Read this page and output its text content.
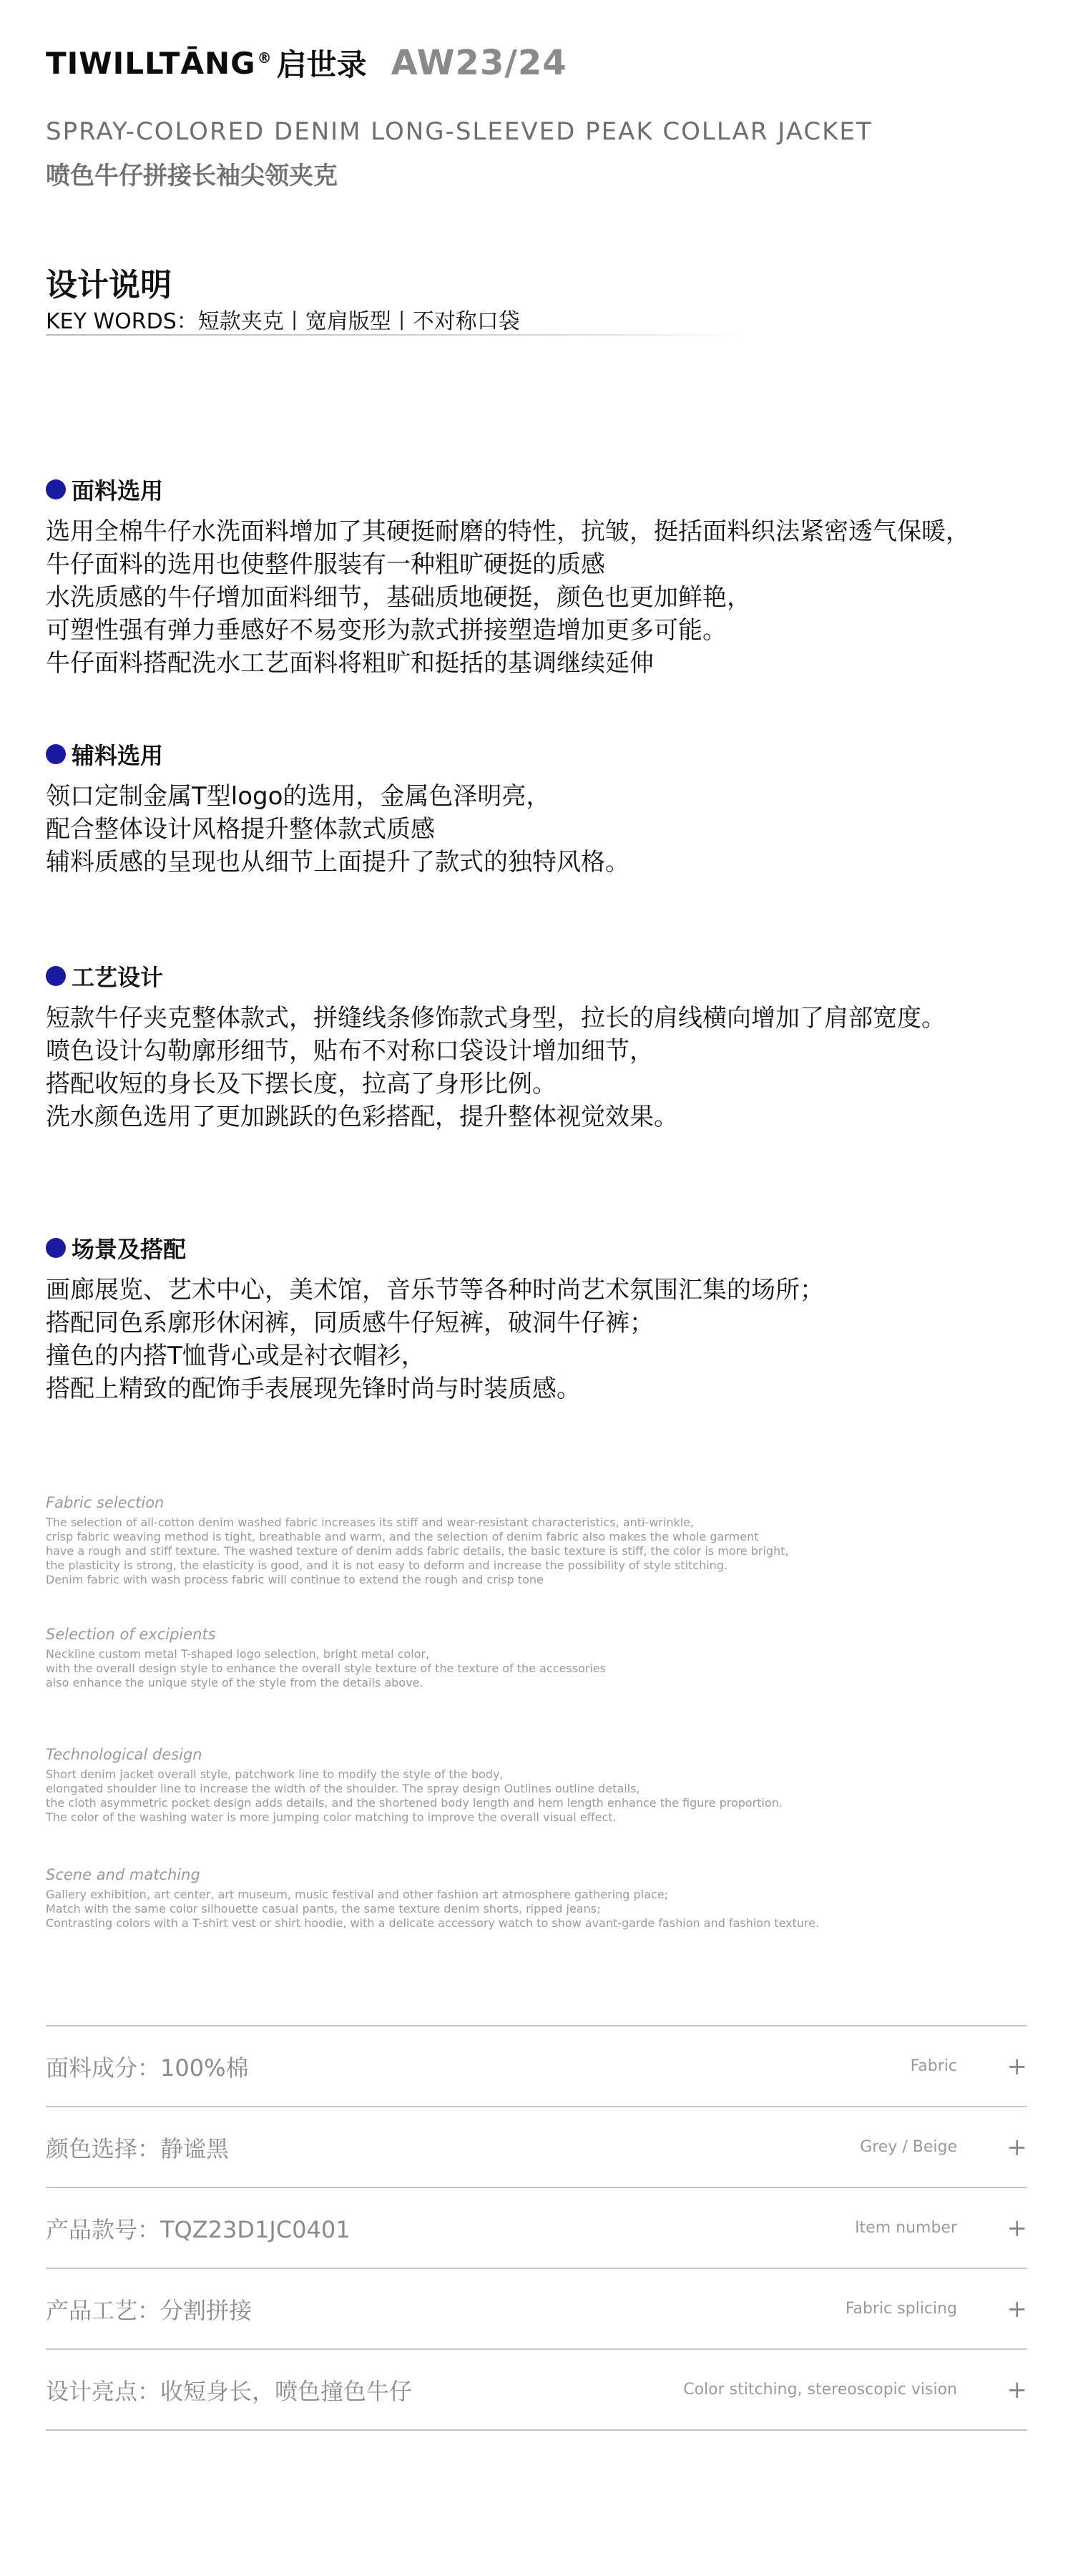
TIWILLTĀNG ® 启世录 AW23/24
SPRAY-COLORED DENIM LONG-SLEEVED PEAK COLLAR JACKET
喷色牛仔拼接长袖尖领夹克
设计说明
KEY WORDS：短款夹克丨宽肩版型丨不对称口袋
面料选用
选用全棉牛仔水洗面料增加了其硬挺耐磨的特性，抗皱，挺括面料织法紧密透气保暖，
牛仔面料的选用也使整件服装有一种粗旷硬挺的质感
水洗质感的牛仔增加面料细节，基础质地硬挺，颜色也更加鲜艳，
可塑性强有弹力垂感好不易变形为款式拼接塑造增加更多可能。
牛仔面料搭配洗水工艺面料将粗旷和挺括的基调继续延伸
辅料选用
领口定制金属T型logo的选用，金属色泽明亮，
配合整体设计风格提升整体款式质感
辅料质感的呈现也从细节上面提升了款式的独特风格。
工艺设计
短款牛仔夹克整体款式，拼缝线条修饰款式身型，拉长的肩线横向增加了肩部宽度。
喷色设计勾勒廓形细节，贴布不对称口袋设计增加细节，
搭配收短的身长及下摆长度，拉高了身形比例。
洗水颜色选用了更加跳跃的色彩搭配，提升整体视觉效果。
场景及搭配
画廊展览、艺术中心，美术馆，音乐节等各种时尚艺术氛围汇集的场所；
搭配同色系廓形休闲裤，同质感牛仔短裤，破洞牛仔裤；
撞色的内搭T恤背心或是衬衣帽衫，
搭配上精致的配饰手表展现先锋时尚与时装质感。
Fabric selection
The selection of all-cotton denim washed fabric increases its stiff and wear-resistant characteristics, anti-wrinkle,
crisp fabric weaving method is tight, breathable and warm, and the selection of denim fabric also makes the whole garment
have a rough and stiff texture. The washed texture of denim adds fabric details, the basic texture is stiff, the color is more bright,
the plasticity is strong, the elasticity is good, and it is not easy to deform and increase the possibility of style stitching.
Denim fabric with wash process fabric will continue to extend the rough and crisp tone
Selection of excipients
Neckline custom metal T-shaped logo selection, bright metal color,
with the overall design style to enhance the overall style texture of the texture of the accessories
also enhance the unique style of the style from the details above.
Technological design
Short denim jacket overall style, patchwork line to modify the style of the body,
elongated shoulder line to increase the width of the shoulder. The spray design Outlines outline details,
the cloth asymmetric pocket design adds details, and the shortened body length and hem length enhance the figure proportion.
The color of the washing water is more jumping color matching to improve the overall visual effect.
Scene and matching
Gallery exhibition, art center, art museum, music festival and other fashion art atmosphere gathering place;
Match with the same color silhouette casual pants, the same texture denim shorts, ripped jeans;
Contrasting colors with a T-shirt vest or shirt hoodie, with a delicate accessory watch to show avant-garde fashion and fashion texture.
面料成分：100%棉	Fabric	+
颜色选择：静谧黑	Grey / Beige	+
产品款号：TQZ23D1JC0401	Item number	+
产品工艺：分割拼接	Fabric splicing	+
设计亮点：收短身长，喷色撞色牛仔	Color stitching, stereoscopic vision	+
